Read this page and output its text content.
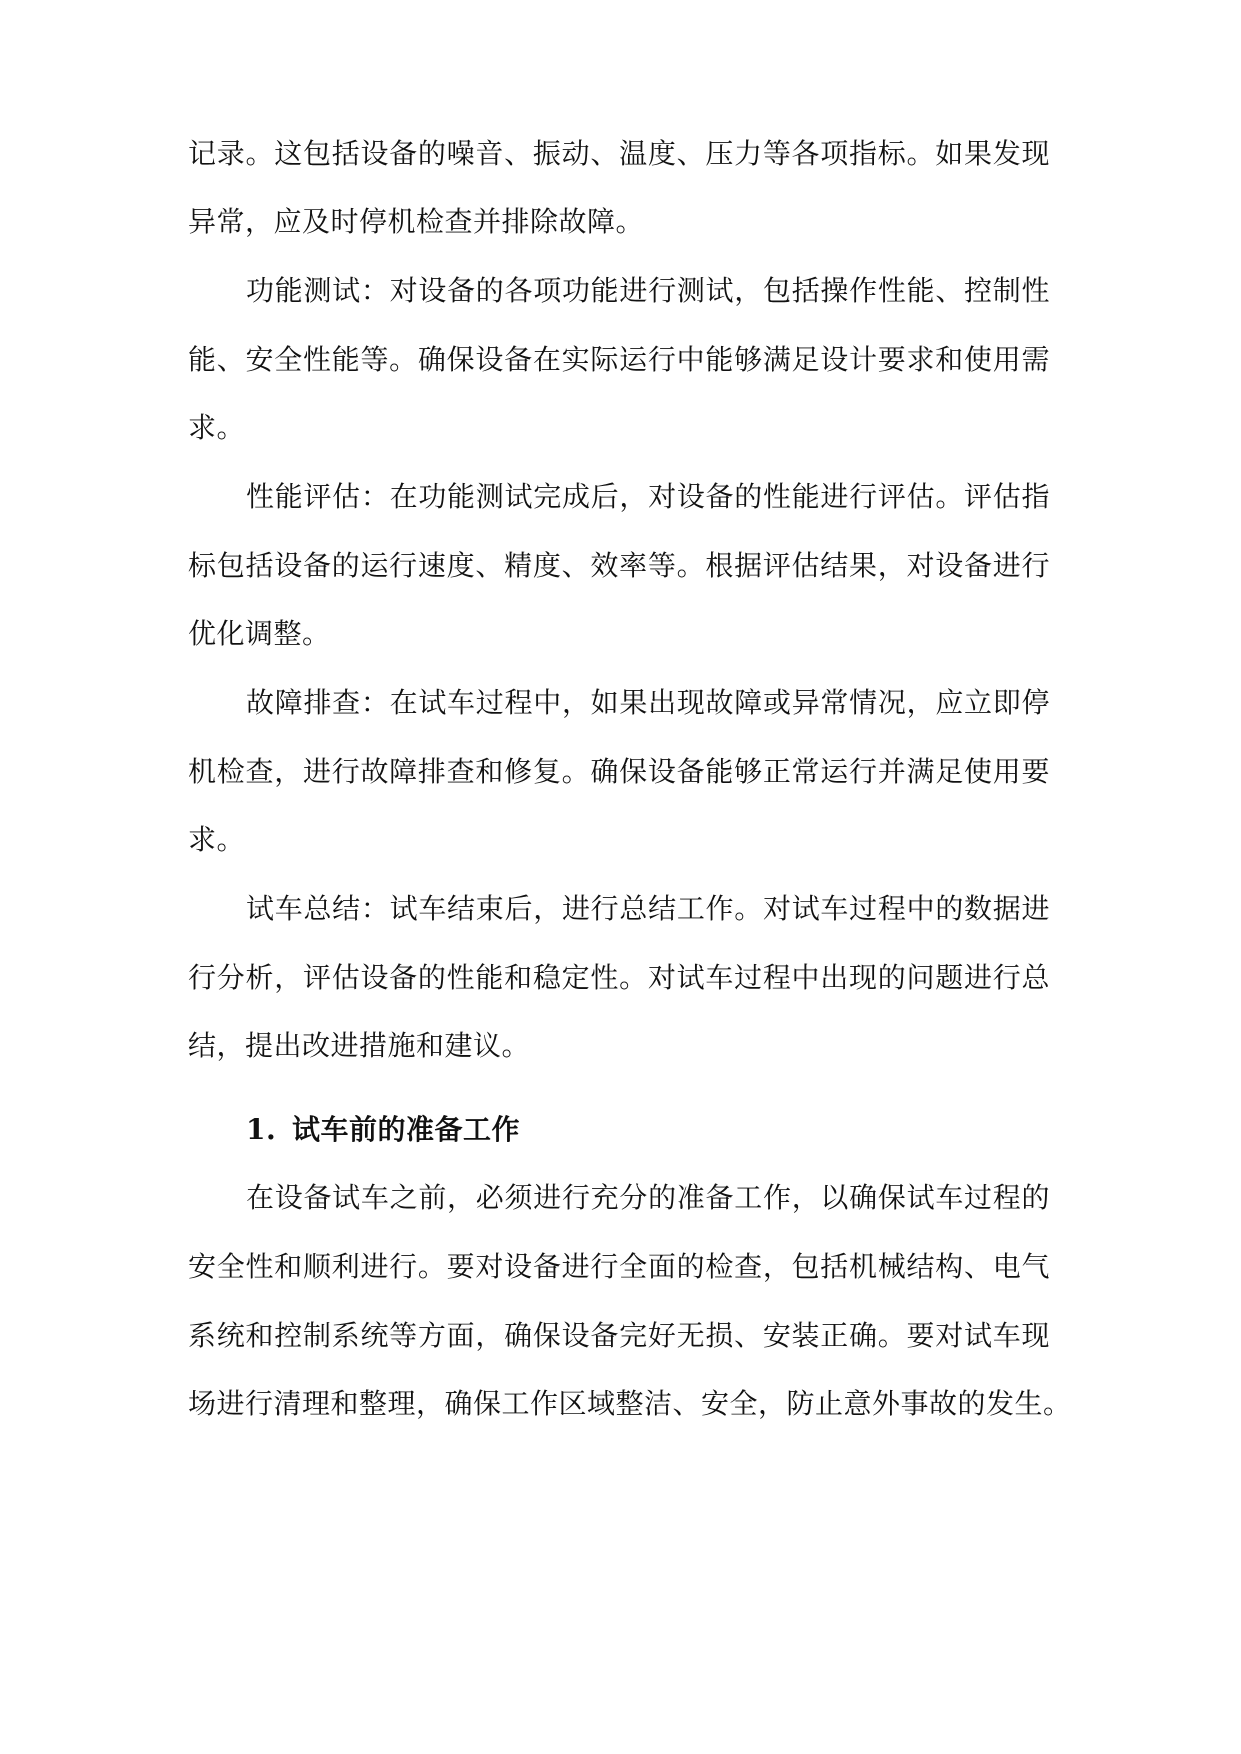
记录。这包括设备的噪音、振动、温度、压力等各项指标。如果发现
异常，应及时停机检查并排除故障。
功能测试：对设备的各项功能进行测试，包括操作性能、控制性
能、安全性能等。确保设备在实际运行中能够满足设计要求和使用需
求。
性能评估：在功能测试完成后，对设备的性能进行评估。评估指
标包括设备的运行速度、精度、效率等。根据评估结果，对设备进行
优化调整。
故障排查：在试车过程中，如果出现故障或异常情况，应立即停
机检查，进行故障排查和修复。确保设备能够正常运行并满足使用要
求。
试车总结：试车结束后，进行总结工作。对试车过程中的数据进
行分析，评估设备的性能和稳定性。对试车过程中出现的问题进行总
结，提出改进措施和建议。
1. 试车前的准备工作
在设备试车之前，必须进行充分的准备工作，以确保试车过程的
安全性和顺利进行。要对设备进行全面的检查，包括机械结构、电气
系统和控制系统等方面，确保设备完好无损、安装正确。要对试车现
场进行清理和整理，确保工作区域整洁、安全，防止意外事故的发生。
